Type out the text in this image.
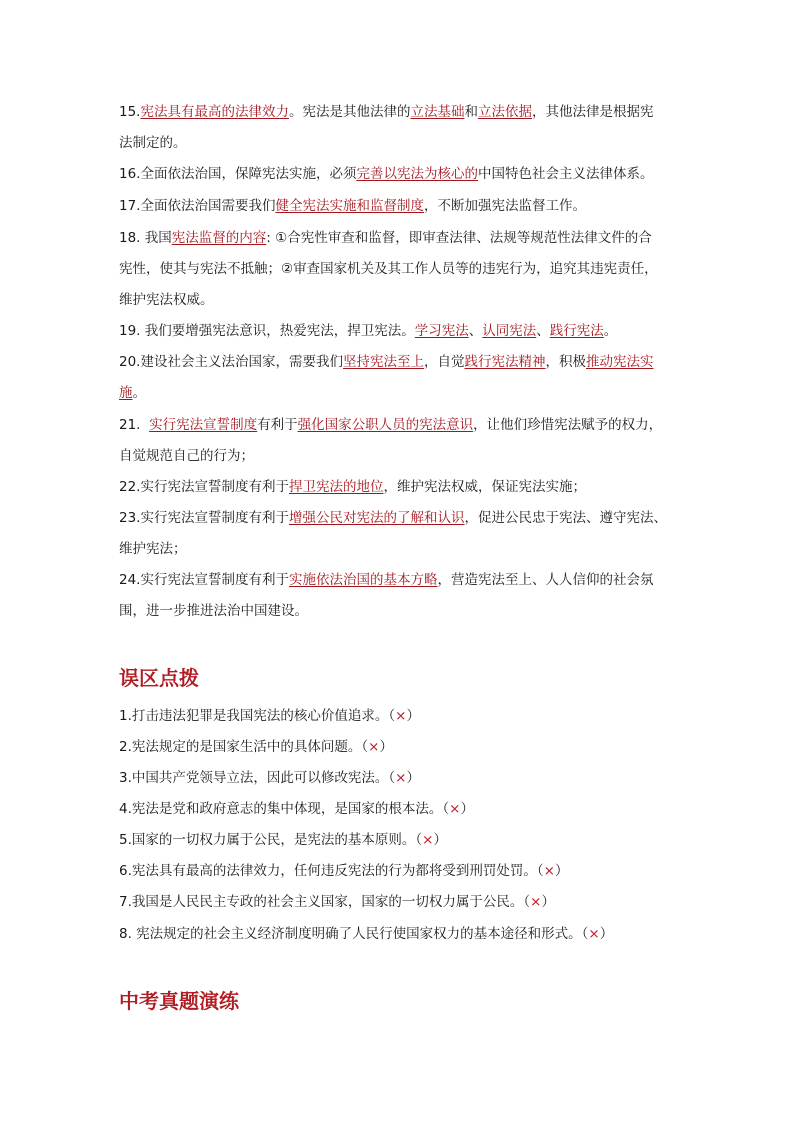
15.宪法具有最高的法律效力。宪法是其他法律的立法基础和立法依据，其他法律是根据宪
法制定的。
16.全面依法治国，保障宪法实施，必须完善以宪法为核心的中国特色社会主义法律体系。
17.全面依法治国需要我们健全宪法实施和监督制度，不断加强宪法监督工作。
18. 我国宪法监督的内容: ①合宪性审查和监督，即审查法律、法规等规范性法律文件的合
宪性，使其与宪法不抵触；②审查国家机关及其工作人员等的违宪行为，追究其违宪责任，
维护宪法权威。
19. 我们要增强宪法意识，热爱宪法，捍卫宪法。学习宪法、认同宪法、践行宪法。
20.建设社会主义法治国家，需要我们坚持宪法至上，自觉践行宪法精神，积极推动宪法实
施。
21. 实行宪法宣誓制度有利于强化国家公职人员的宪法意识，让他们珍惜宪法赋予的权力，
自觉规范自己的行为；
22.实行宪法宣誓制度有利于捍卫宪法的地位，维护宪法权威，保证宪法实施；
23.实行宪法宣誓制度有利于增强公民对宪法的了解和认识，促进公民忠于宪法、遵守宪法、
维护宪法；
24.实行宪法宣誓制度有利于实施依法治国的基本方略，营造宪法至上、人人信仰的社会氛
围，进一步推进法治中国建设。
误区点拨
1.打击违法犯罪是我国宪法的核心价值追求。（×）
2.宪法规定的是国家生活中的具体问题。（×）
3.中国共产党领导立法，因此可以修改宪法。（×）
4.宪法是党和政府意志的集中体现，是国家的根本法。（×）
5.国家的一切权力属于公民，是宪法的基本原则。（×）
6.宪法具有最高的法律效力，任何违反宪法的行为都将受到刑罚处罚。（×）
7.我国是人民民主专政的社会主义国家，国家的一切权力属于公民。（×）
8. 宪法规定的社会主义经济制度明确了人民行使国家权力的基本途径和形式。（×）
中考真题演练
